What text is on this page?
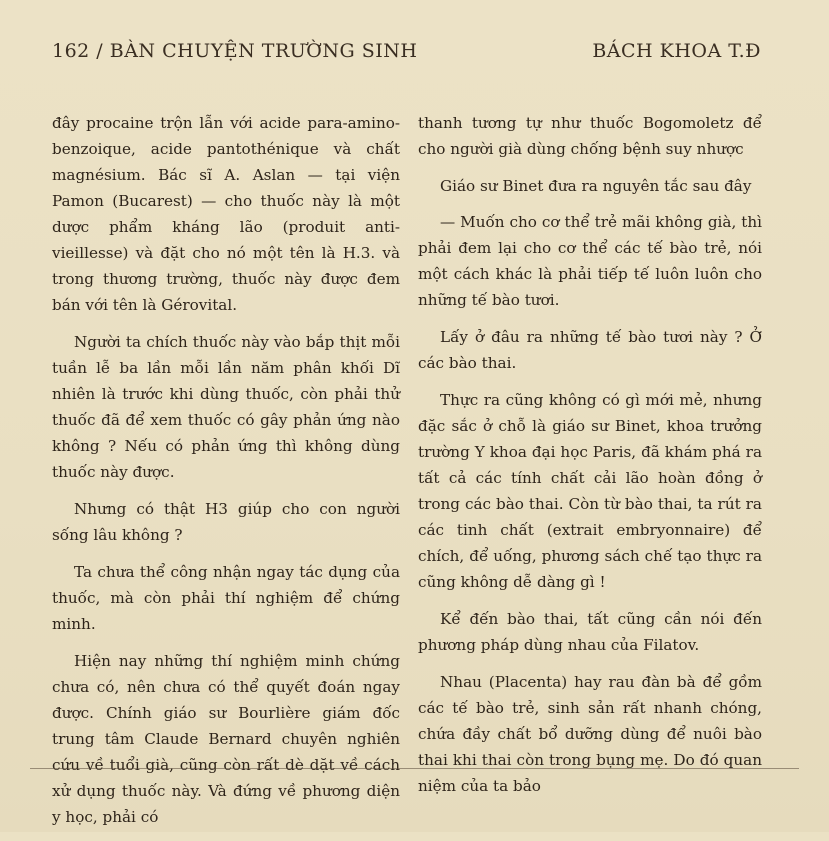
162 / BÀN CHUYỆN TRƯỜNG SINH	BÁCH KHOA T.Đ

đây procaine trộn lẫn với acide para-amino-benzoique, acide pantothénique và chất magnésium. Bác sĩ A. Aslan — tại viện Pamon (Bucarest) — cho thuốc này là một dược phẩm kháng lão (produit anti-vieillesse) và đặt cho nó một tên là H.3. và trong thương trường, thuốc này được đem bán với tên là Gérovital.

Người ta chích thuốc này vào bắp thịt mỗi tuần lễ ba lần mỗi lần năm phân khối Dĩ nhiên là trước khi dùng thuốc, còn phải thử thuốc đã để xem thuốc có gây phản ứng nào không ? Nếu có phản ứng thì không dùng thuốc này được.

Nhưng có thật H3 giúp cho con người sống lâu không ?

Ta chưa thể công nhận ngay tác dụng của thuốc, mà còn phải thí nghiệm để chứng minh.

Hiện nay những thí nghiệm minh chứng chưa có, nên chưa có thể quyết đoán ngay được. Chính giáo sư Bourlière giám đốc trung tâm Claude Bernard chuyên nghiên cứu về tuổi già, cũng còn rất dè dặt về cách xử dụng thuốc này. Và đứng về phương diện y học, phải có

thanh tương tự như thuốc Bogomoletz để cho người già dùng chống bệnh suy nhược

Giáo sư Binet đưa ra nguyên tắc sau đây

— Muốn cho cơ thể trẻ mãi không già, thì phải đem lại cho cơ thể các tế bào trẻ, nói một cách khác là phải tiếp tế luôn luôn cho những tế bào tươi.

Lấy ở đâu ra những tế bào tươi này ? Ở các bào thai.

Thực ra cũng không có gì mới mẻ, nhưng đặc sắc ở chỗ là giáo sư Binet, khoa trưởng trường Y khoa đại học Paris, đã khám phá ra tất cả các tính chất cải lão hoàn đồng ở trong các bào thai. Còn từ bào thai, ta rút ra các tinh chất (extrait embryonnaire) để chích, để uống, phương sách chế tạo thực ra cũng không dễ dàng gì !

Kể đến bào thai, tất cũng cần nói đến phương pháp dùng nhau của Filatov.

Nhau (Placenta) hay rau đàn bà để gồm các tế bào trẻ, sinh sản rất nhanh chóng, chứa đầy chất bổ dưỡng dùng để nuôi bào thai khi thai còn trong bụng mẹ. Do đó quan niệm của ta bảo
